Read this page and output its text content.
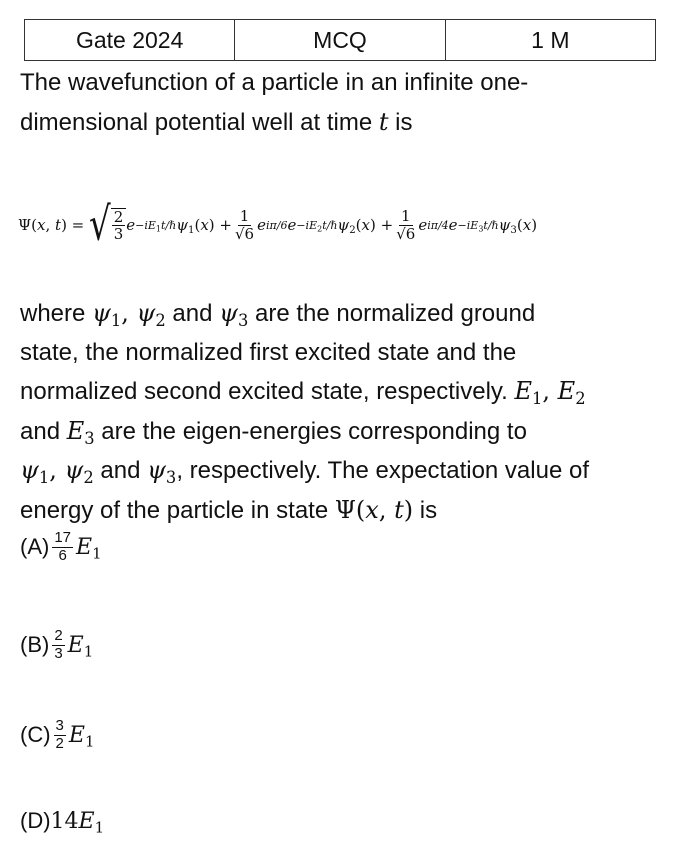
Gate 2024	MCQ	1 M
The wavefunction of a particle in an infinite one-
dimensional potential well at time t is
Ψ(x, t) = √ $\frac{2}{3}$ $e -iE_1t/\hbar$ $\psi_1(x) + \frac{1}{√6}$ e iπ/6 $e -iE_2t/\hbar$ $\psi_2(x) + \frac{1}{√6}$ e iπ/4 $e -iE_3t/\hbar$ $\psi_3(x)$
where $\psi_1$, $\psi_2$ and $\psi_3$ are the normalized ground
state, the normalized first excited state and the
normalized second excited state, respectively. $E_1$, $E_2$
and $E_3$ are the eigen-energies corresponding to
$\psi_1$, $\psi_2$ and $\psi_3$, respectively. The expectation value of
energy of the particle in state Ψ(x, t) is
$(A) \frac{17}{6} E_1$
$(B) \frac{2}{3} E_1$
$(C) \frac{3}{2} E_1$
(D) 14 $E_1$
